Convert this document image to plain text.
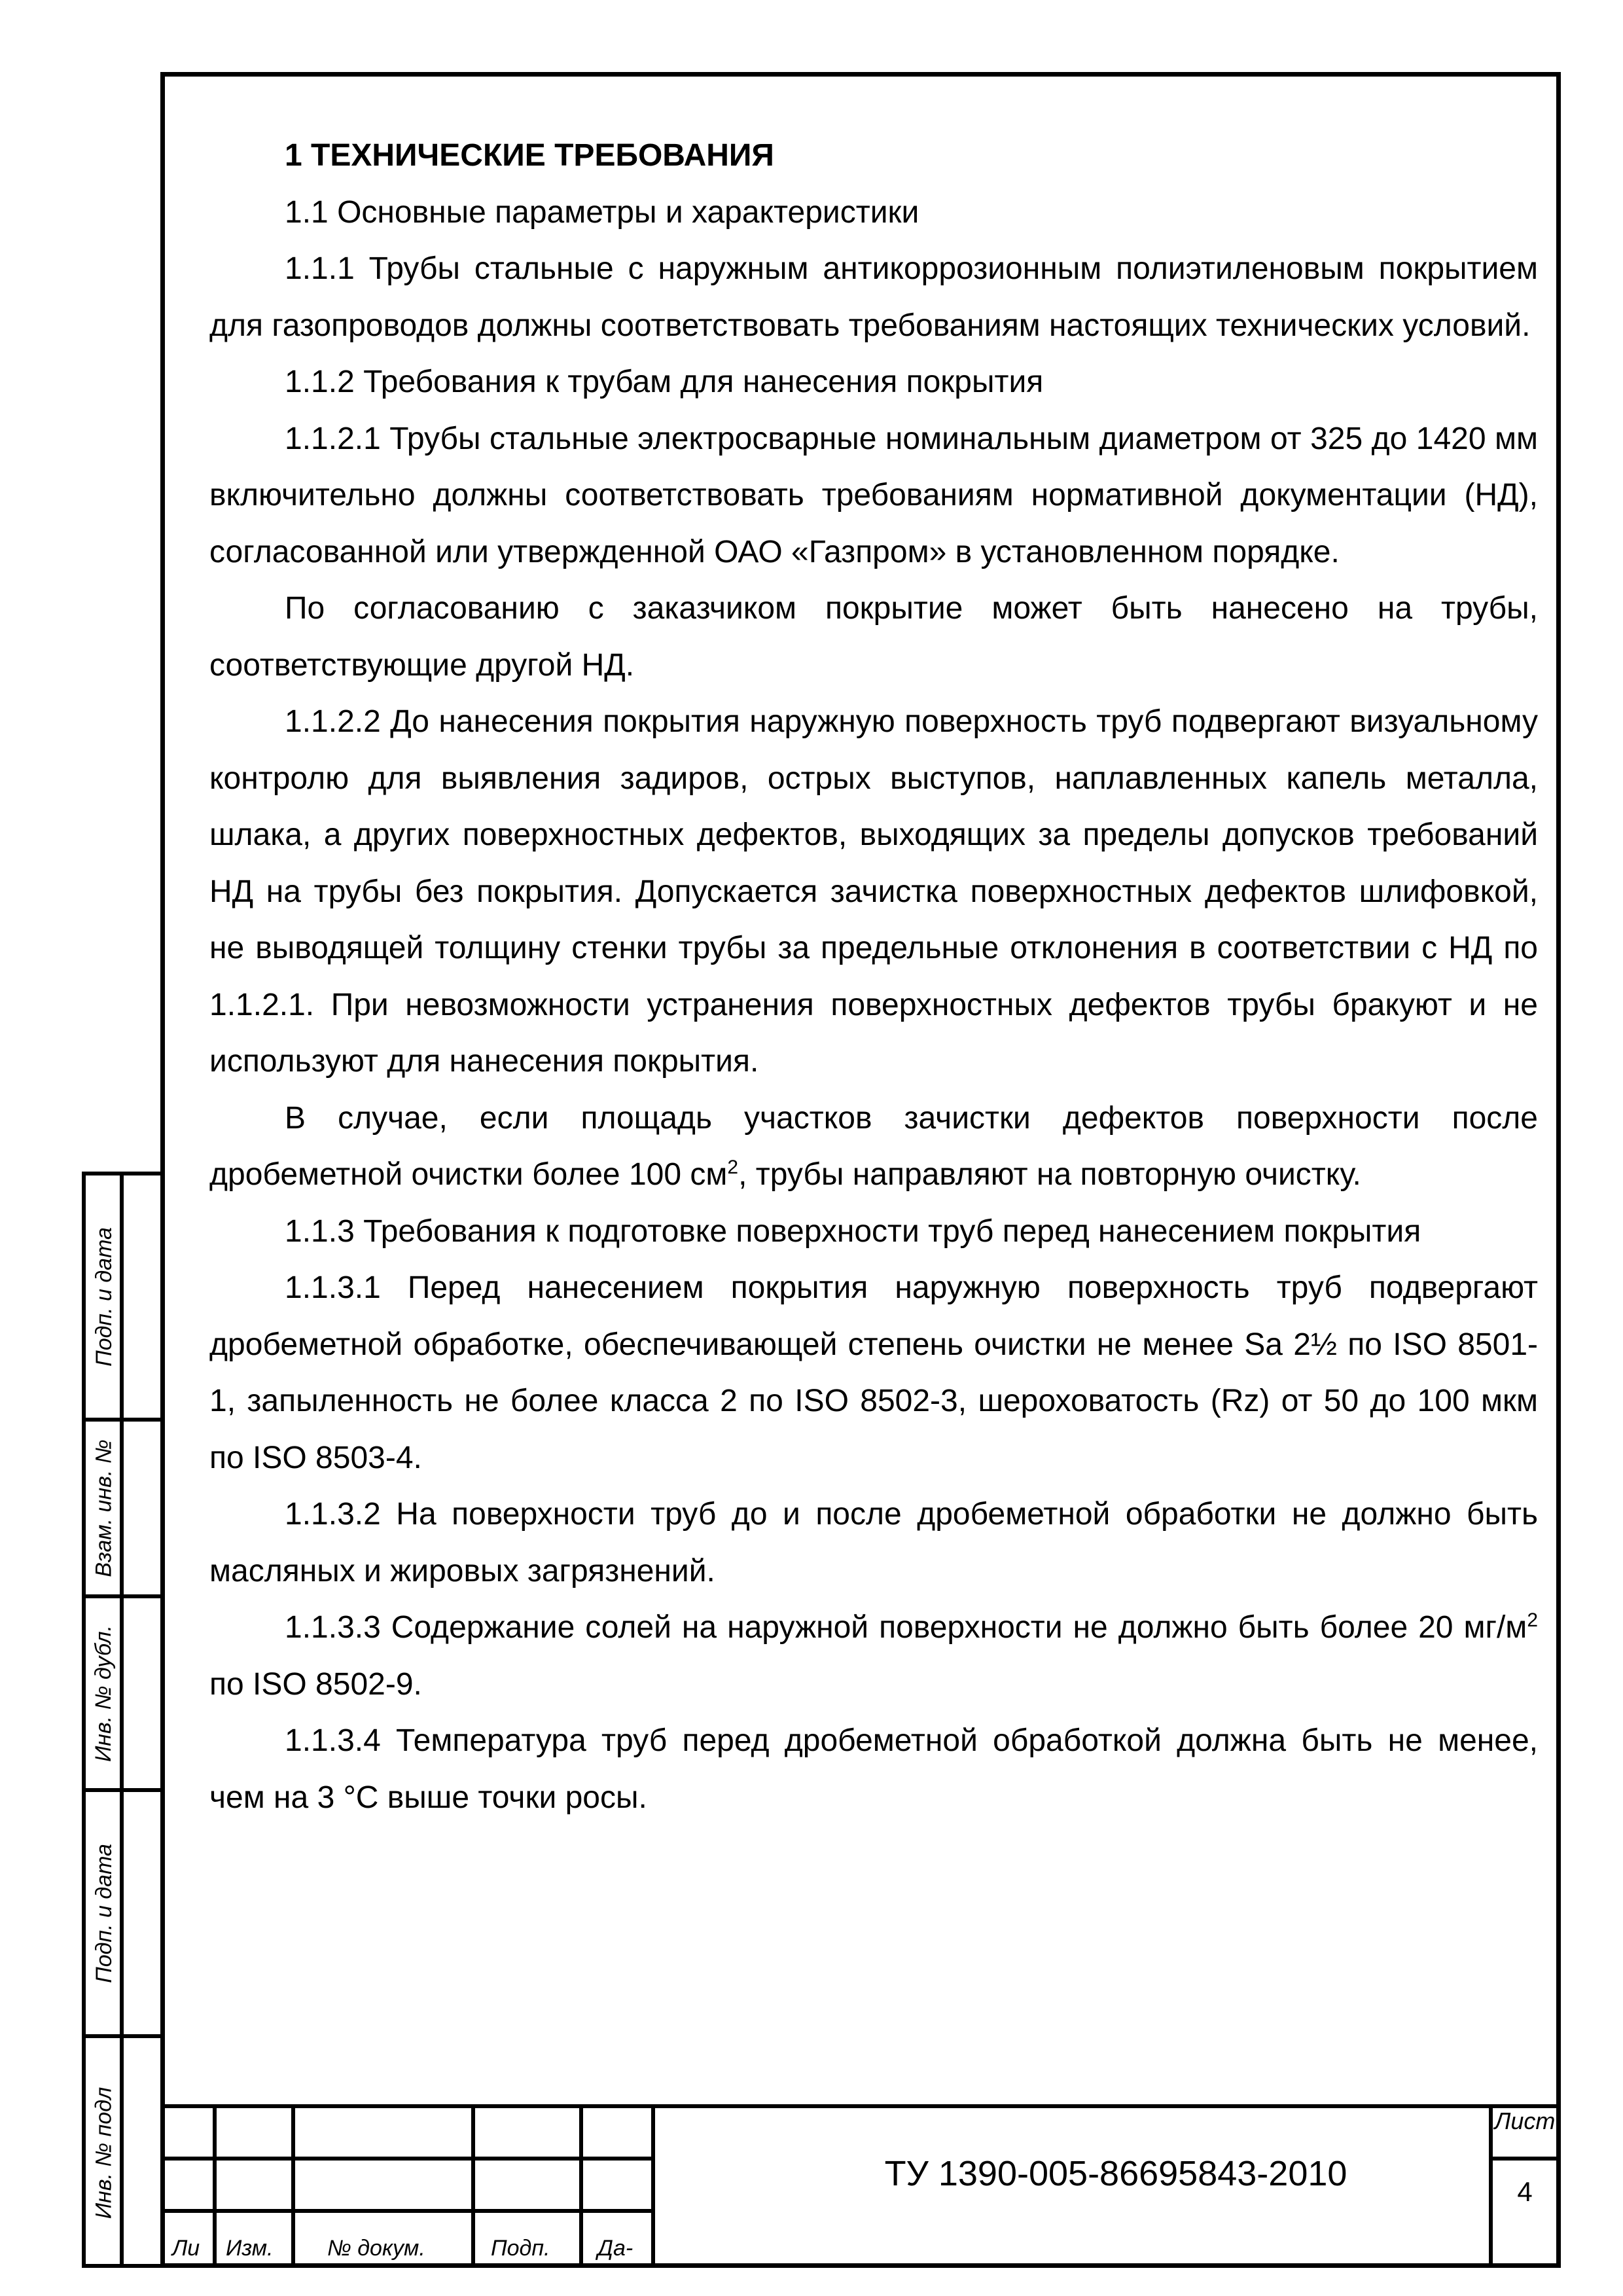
1 ТЕХНИЧЕСКИЕ ТРЕБОВАНИЯ

1.1 Основные параметры и характеристики

1.1.1 Трубы стальные с наружным антикоррозионным полиэтиленовым покрытием для газопроводов должны соответствовать требованиям настоящих технических условий.

1.1.2 Требования к трубам для нанесения покрытия

1.1.2.1 Трубы стальные электросварные номинальным диаметром от 325 до 1420 мм включительно должны соответствовать требованиям нормативной документации (НД), согласованной или утвержденной ОАО «Газпром» в установленном порядке.

По согласованию с заказчиком покрытие может быть нанесено на трубы, соответствующие другой НД.

1.1.2.2 До нанесения покрытия наружную поверхность труб подвергают визуальному контролю для выявления задиров, острых выступов, наплавленных капель металла, шлака, а других поверхностных дефектов, выходящих за пределы допусков требований НД на трубы без покрытия. Допускается зачистка поверхностных дефектов шлифовкой, не выводящей толщину стенки трубы за предельные отклонения в соответствии с НД по 1.1.2.1. При невозможности устранения поверхностных дефектов трубы бракуют и не используют для нанесения покрытия.

В случае, если площадь участков зачистки дефектов поверхности после дробеметной очистки более 100 $см^2$, трубы направляют на повторную очистку.

1.1.3 Требования к подготовке поверхности труб перед нанесением покрытия

1.1.3.1 Перед нанесением покрытия наружную поверхность труб подвергают дробеметной обработке, обеспечивающей степень очистки не менее Sa 2½ по ISO 8501-1, запыленность не более класса 2 по ISO 8502-3, шероховатость (Rz) от 50 до 100 мкм по ISO 8503-4.

1.1.3.2 На поверхности труб до и после дробеметной обработки не должно быть масляных и жировых загрязнений.

1.1.3.3 Содержание солей на наружной поверхности не должно быть более 20 $мг/м^2$ по ISO 8502-9.

1.1.3.4 Температура труб перед дробеметной обработкой должна быть не менее, чем на 3 °С выше точки росы.

Подп. и дата
Взам. инв. №
Инв. № дубл.
Подп. и дата
Инв. № подл
Ли Изм. № докум.	Подп. Да-
ТУ 1390-005-86695843-2010
Лист
4
